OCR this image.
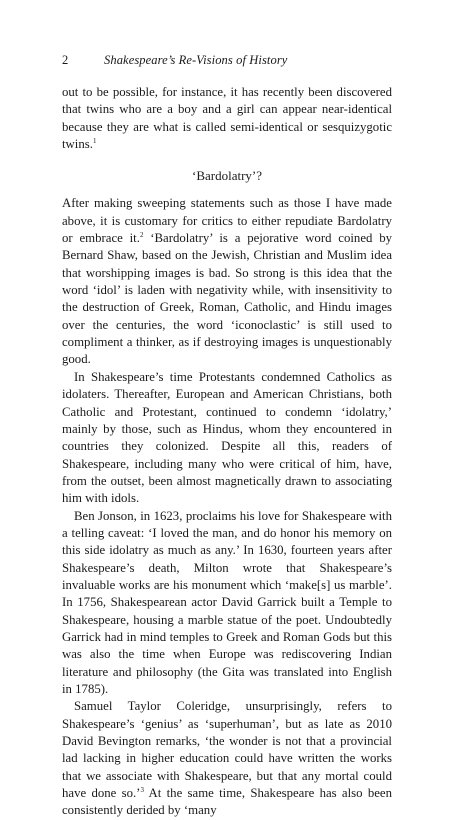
2	Shakespeare’s Re-Visions of History

out to be possible, for instance, it has recently been discovered that twins who are a boy and a girl can appear near-identical because they are what is called semi-identical or sesquizygotic twins.$^1$

‘Bardolatry’?

After making sweeping statements such as those I have made above, it is customary for critics to either repudiate Bardolatry or embrace it.$^2$ ‘Bardolatry’ is a pejorative word coined by Bernard Shaw, based on the Jewish, Christian and Muslim idea that worshipping images is bad. So strong is this idea that the word ‘idol’ is laden with negativity while, with insensitivity to the destruction of Greek, Roman, Catholic, and Hindu images over the centuries, the word ‘iconoclastic’ is still used to compliment a thinker, as if destroying images is unquestionably good.

In Shakespeare’s time Protestants condemned Catholics as idolaters. Thereafter, European and American Christians, both Catholic and Protestant, continued to condemn ‘idolatry,’ mainly by those, such as Hindus, whom they encountered in countries they colonized. Despite all this, readers of Shakespeare, including many who were critical of him, have, from the outset, been almost magnetically drawn to associating him with idols.

Ben Jonson, in 1623, proclaims his love for Shakespeare with a telling caveat: ‘I loved the man, and do honor his memory on this side idolatry as much as any.’ In 1630, fourteen years after Shakespeare’s death, Milton wrote that Shakespeare’s invaluable works are his monument which ‘make[s] us marble’. In 1756, Shakespearean actor David Garrick built a Temple to Shakespeare, housing a marble statue of the poet. Undoubtedly Garrick had in mind temples to Greek and Roman Gods but this was also the time when Europe was rediscovering Indian literature and philosophy (the Gita was translated into English in 1785).

Samuel Taylor Coleridge, unsurprisingly, refers to Shakespeare’s ‘genius’ as ‘superhuman’, but as late as 2010 David Bevington remarks, ‘the wonder is not that a provincial lad lacking in higher education could have written the works that we associate with Shakespeare, but that any mortal could have done so.’$^3$ At the same time, Shakespeare has also been consistently derided by ‘many
